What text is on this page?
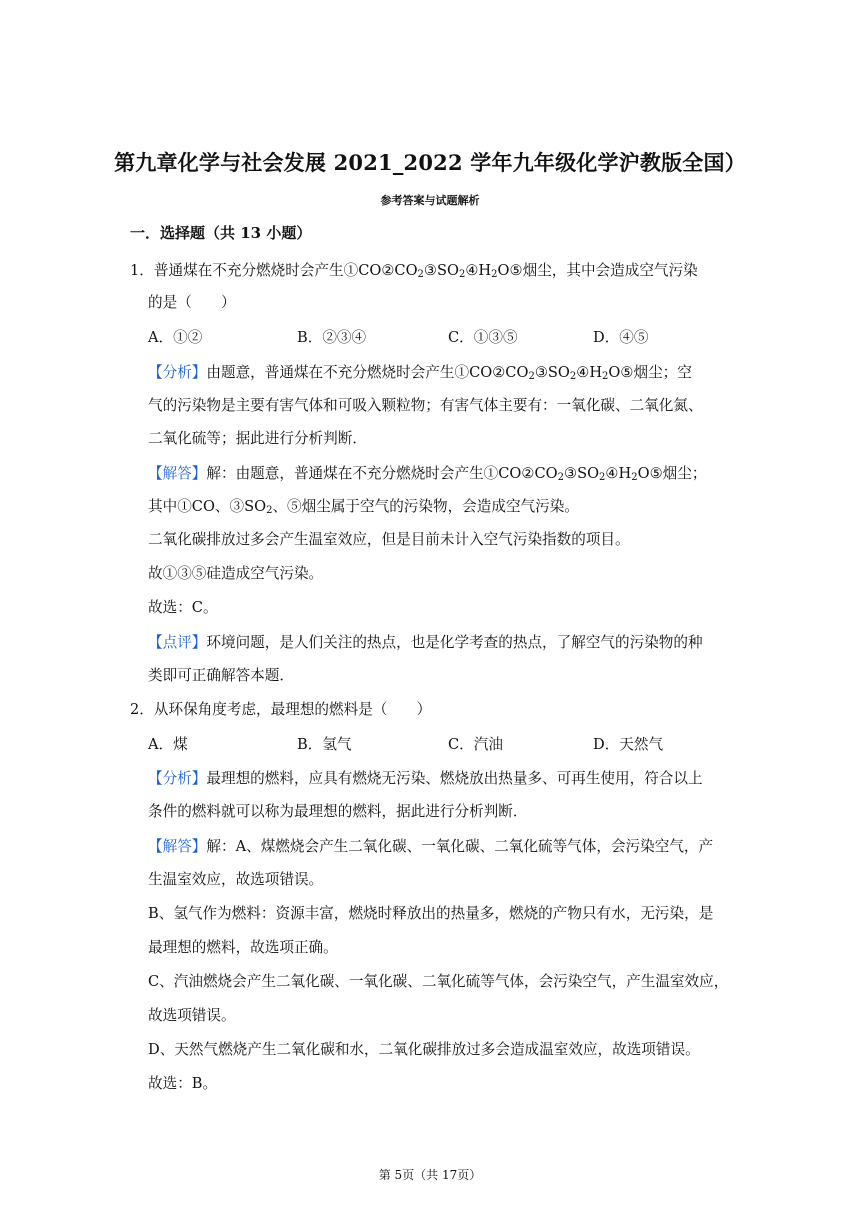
第九章化学与社会发展 2021_2022 学年九年级化学沪教版全国）
参考答案与试题解析
一．选择题（共 13 小题）
1．普通煤在不充分燃烧时会产生$①CO②CO_2③SO_2④H_2O⑤$烟尘，其中会造成空气污染
的是（　　）
A．①②	B．②③④	C．①③⑤	D．④⑤
【分析】由题意，普通煤在不充分燃烧时会产生$①CO②CO_2③SO_2④H_2O⑤$烟尘；空
气的污染物是主要有害气体和可吸入颗粒物；有害气体主要有：一氧化碳、二氧化氮、
二氧化硫等；据此进行分析判断．
【解答】解：由题意，普通煤在不充分燃烧时会产生$①CO②CO_2③SO_2④H_2O⑤$烟尘；
其中①CO、$③SO_2$、⑤烟尘属于空气的污染物，会造成空气污染。
二氧化碳排放过多会产生温室效应，但是目前未计入空气污染指数的项目。
故①③⑤硅造成空气污染。
故选：C。
【点评】环境问题，是人们关注的热点，也是化学考查的热点，了解空气的污染物的种
类即可正确解答本题．
2．从环保角度考虑，最理想的燃料是（　　）
A．煤	B．氢气	C．汽油	D．天然气
【分析】最理想的燃料，应具有燃烧无污染、燃烧放出热量多、可再生使用，符合以上
条件的燃料就可以称为最理想的燃料，据此进行分析判断．
【解答】解：A、煤燃烧会产生二氧化碳、一氧化碳、二氧化硫等气体，会污染空气，产
生温室效应，故选项错误。
B、氢气作为燃料：资源丰富，燃烧时释放出的热量多，燃烧的产物只有水，无污染，是
最理想的燃料，故选项正确。
C、汽油燃烧会产生二氧化碳、一氧化碳、二氧化硫等气体，会污染空气，产生温室效应，
故选项错误。
D、天然气燃烧产生二氧化碳和水，二氧化碳排放过多会造成温室效应，故选项错误。
故选：B。
第 5页（共 17页）
